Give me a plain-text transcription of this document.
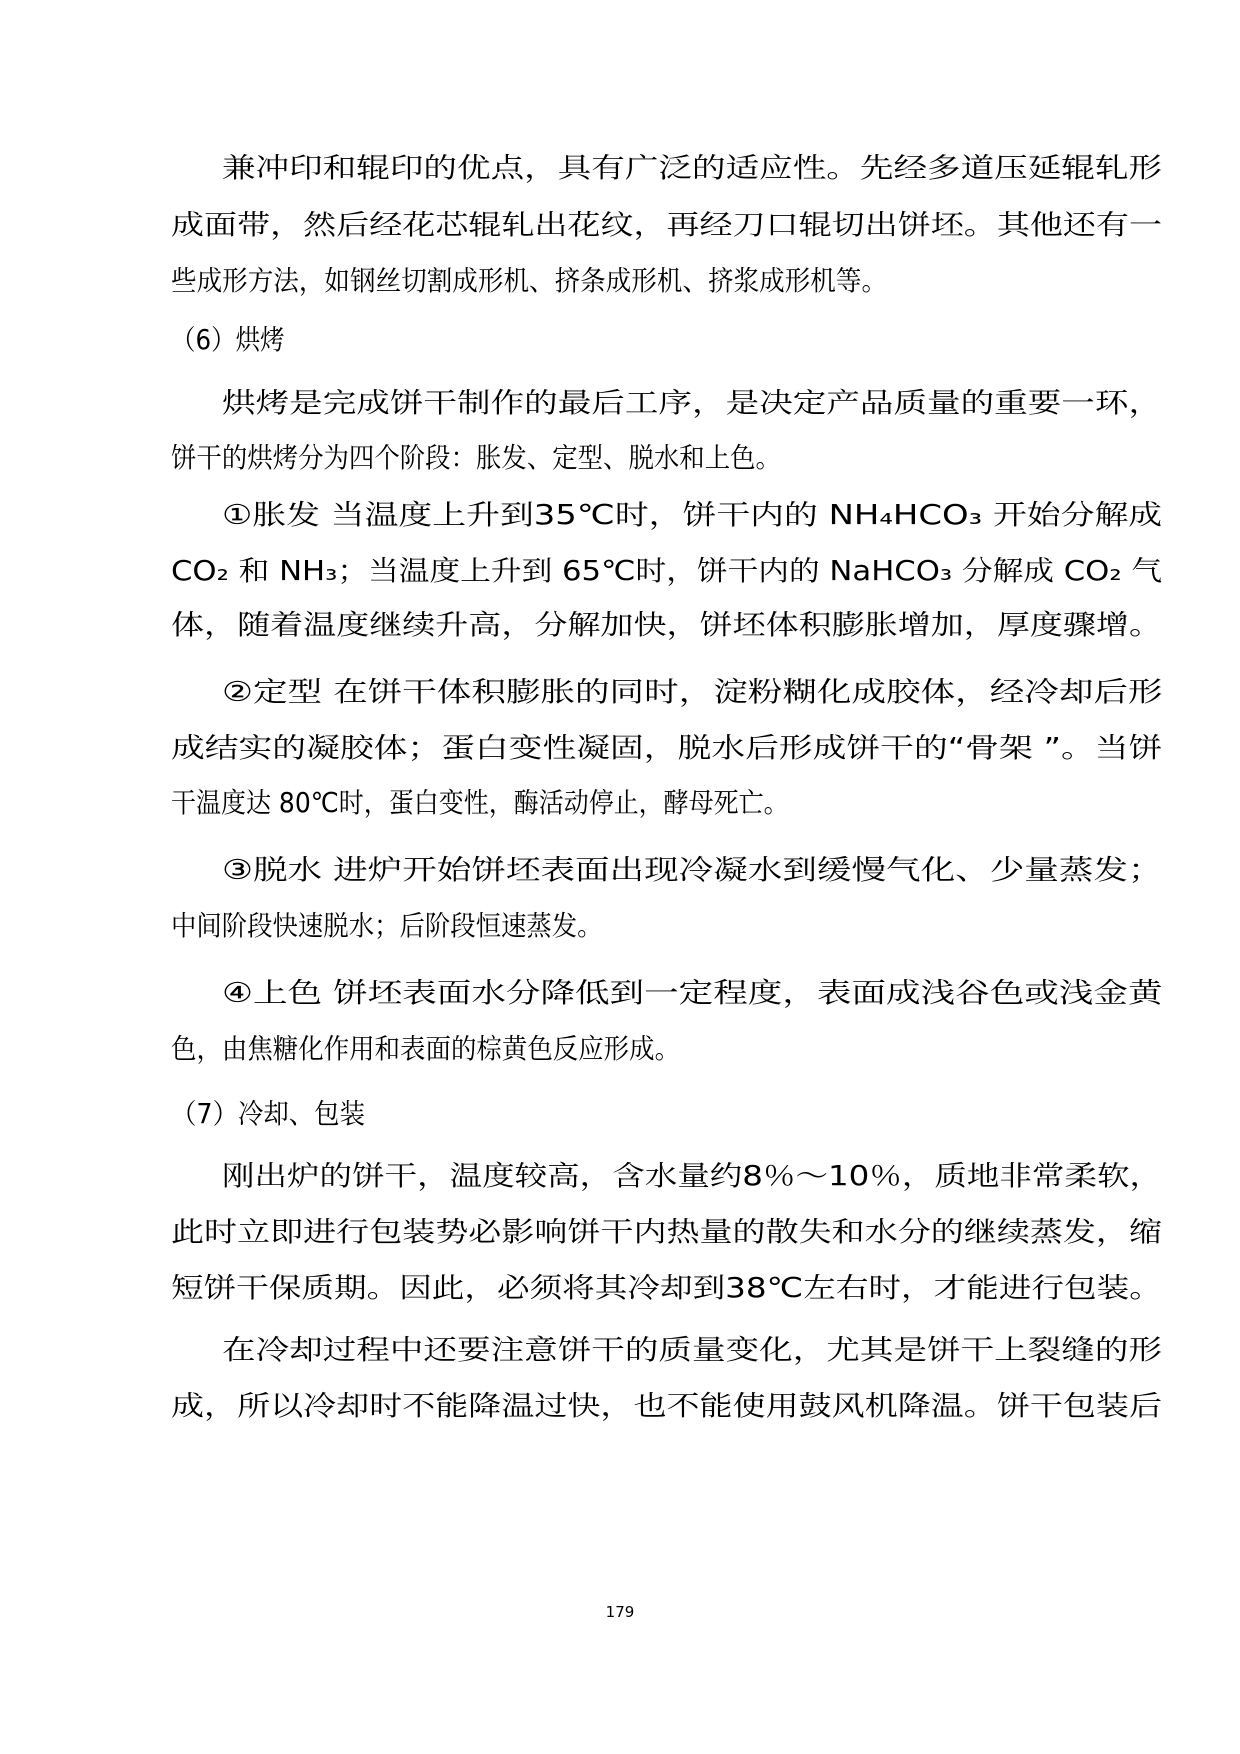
兼冲印和辊印的优点，具有广泛的适应性。先经多道压延辊轧形
成面带，然后经花芯辊轧出花纹，再经刀口辊切出饼坯。其他还有一
些成形方法，如钢丝切割成形机、挤条成形机、挤浆成形机等。
（6）烘烤
烘烤是完成饼干制作的最后工序，是决定产品质量的重要一环，
饼干的烘烤分为四个阶段：胀发、定型、脱水和上色。
①胀发 当温度上升到35℃时，饼干内的 NH₄HCO₃ 开始分解成
CO₂ 和 NH₃；当温度上升到 65℃时，饼干内的 NaHCO₃ 分解成 CO₂ 气
体，随着温度继续升高，分解加快，饼坯体积膨胀增加，厚度骤增。
②定型 在饼干体积膨胀的同时，淀粉糊化成胶体，经冷却后形
成结实的凝胶体；蛋白变性凝固，脱水后形成饼干的“骨架 ”。当饼
干温度达 80℃时，蛋白变性，酶活动停止，酵母死亡。
③脱水 进炉开始饼坯表面出现冷凝水到缓慢气化、少量蒸发；
中间阶段快速脱水；后阶段恒速蒸发。
④上色 饼坯表面水分降低到一定程度，表面成浅谷色或浅金黄
色，由焦糖化作用和表面的棕黄色反应形成。
（7）冷却、包装
刚出炉的饼干，温度较高，含水量约8％～10％，质地非常柔软，
此时立即进行包装势必影响饼干内热量的散失和水分的继续蒸发，缩
短饼干保质期。因此，必须将其冷却到38℃左右时，才能进行包装。
在冷却过程中还要注意饼干的质量变化，尤其是饼干上裂缝的形
成，所以冷却时不能降温过快，也不能使用鼓风机降温。饼干包装后
179
